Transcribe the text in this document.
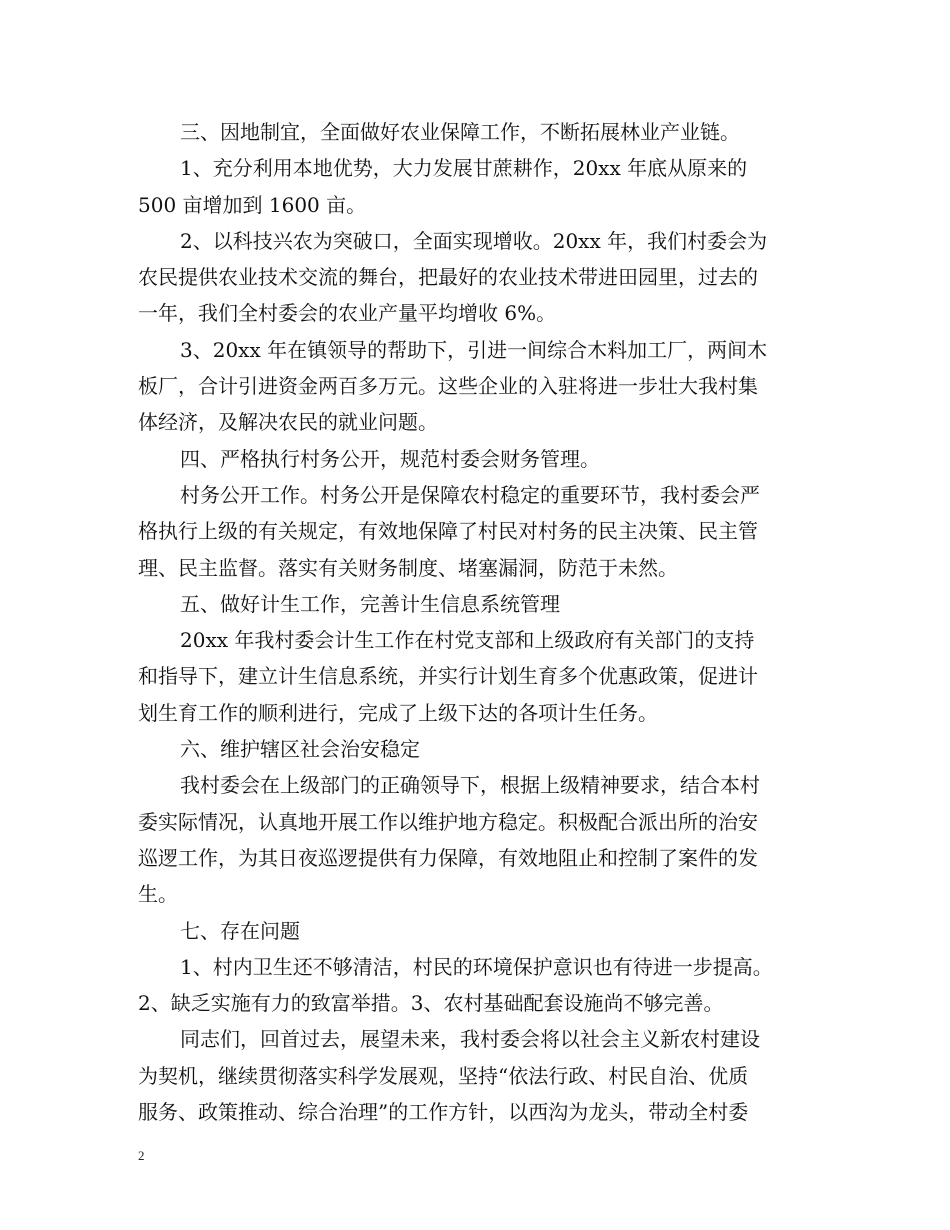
三、因地制宜，全面做好农业保障工作，不断拓展林业产业链。
1、充分利用本地优势，大力发展甘蔗耕作，20xx 年底从原来的
500 亩增加到 1600 亩。
2、以科技兴农为突破口，全面实现增收。20xx 年，我们村委会为
农民提供农业技术交流的舞台，把最好的农业技术带进田园里，过去的
一年，我们全村委会的农业产量平均增收 6%。
3、20xx 年在镇领导的帮助下，引进一间综合木料加工厂，两间木
板厂，合计引进资金两百多万元。这些企业的入驻将进一步壮大我村集
体经济，及解决农民的就业问题。
四、严格执行村务公开，规范村委会财务管理。
村务公开工作。村务公开是保障农村稳定的重要环节，我村委会严
格执行上级的有关规定，有效地保障了村民对村务的民主决策、民主管
理、民主监督。落实有关财务制度、堵塞漏洞，防范于未然。
五、做好计生工作，完善计生信息系统管理
20xx 年我村委会计生工作在村党支部和上级政府有关部门的支持
和指导下，建立计生信息系统，并实行计划生育多个优惠政策，促进计
划生育工作的顺利进行，完成了上级下达的各项计生任务。
六、维护辖区社会治安稳定
我村委会在上级部门的正确领导下，根据上级精神要求，结合本村
委实际情况，认真地开展工作以维护地方稳定。积极配合派出所的治安
巡逻工作，为其日夜巡逻提供有力保障，有效地阻止和控制了案件的发
生。
七、存在问题
1、村内卫生还不够清洁，村民的环境保护意识也有待进一步提高。
2、缺乏实施有力的致富举措。3、农村基础配套设施尚不够完善。
同志们，回首过去，展望未来，我村委会将以社会主义新农村建设
为契机，继续贯彻落实科学发展观，坚持“依法行政、村民自治、优质
服务、政策推动、综合治理”的工作方针，以西沟为龙头，带动全村委
2
